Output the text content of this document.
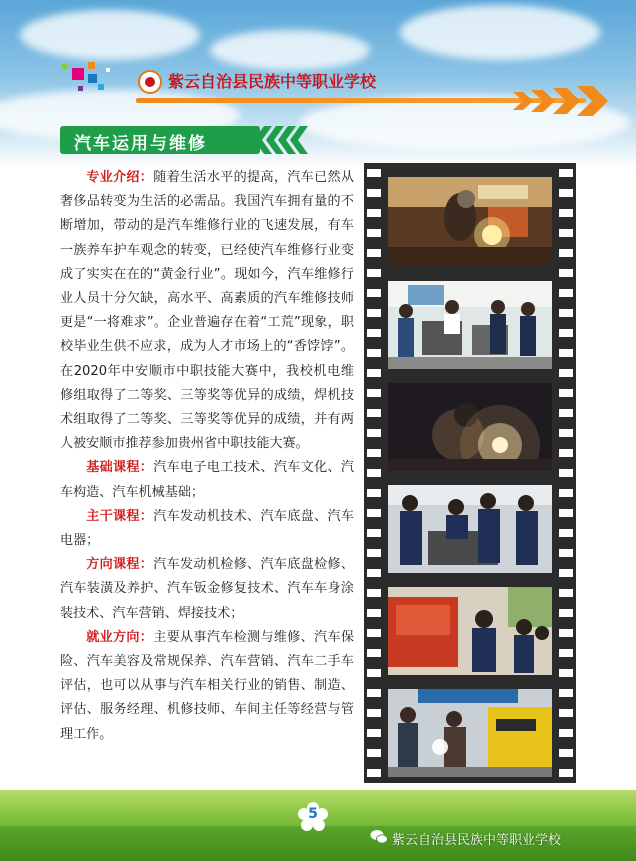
紫云自治县民族中等职业学校
汽车运用与维修

专业介绍：随着生活水平的提高，汽车已然从奢侈品转变为生活的必需品。我国汽车拥有量的不断增加，带动的是汽车维修行业的飞速发展，有车一族养车护车观念的转变，已经使汽车维修行业变成了实实在在的“黄金行业”。现如今，汽车维修行业人员十分欠缺，高水平、高素质的汽车维修技师更是“一将难求”。企业普遍存在着“工荒”现象，职校毕业生供不应求，成为人才市场上的“香饽饽”。在2020年中安顺市中职技能大赛中，我校机电维修组取得了二等奖、三等奖等优异的成绩，焊机技术组取得了二等奖、三等奖等优异的成绩，并有两人被安顺市推荐参加贵州省中职技能大赛。

基础课程：汽车电子电工技术、汽车文化、汽车构造、汽车机械基础；

主干课程：汽车发动机技术、汽车底盘、汽车电器；

方向课程：汽车发动机检修、汽车底盘检修、汽车装潢及养护、汽车钣金修复技术、汽车车身涂装技术、汽车营销、焊接技术；

就业方向：主要从事汽车检测与维修、汽车保险、汽车美容及常规保养、汽车营销、汽车二手车评估，也可以从事与汽车相关行业的销售、制造、评估、服务经理、机修技师、车间主任等经营与管理工作。

5
紫云自治县民族中等职业学校
